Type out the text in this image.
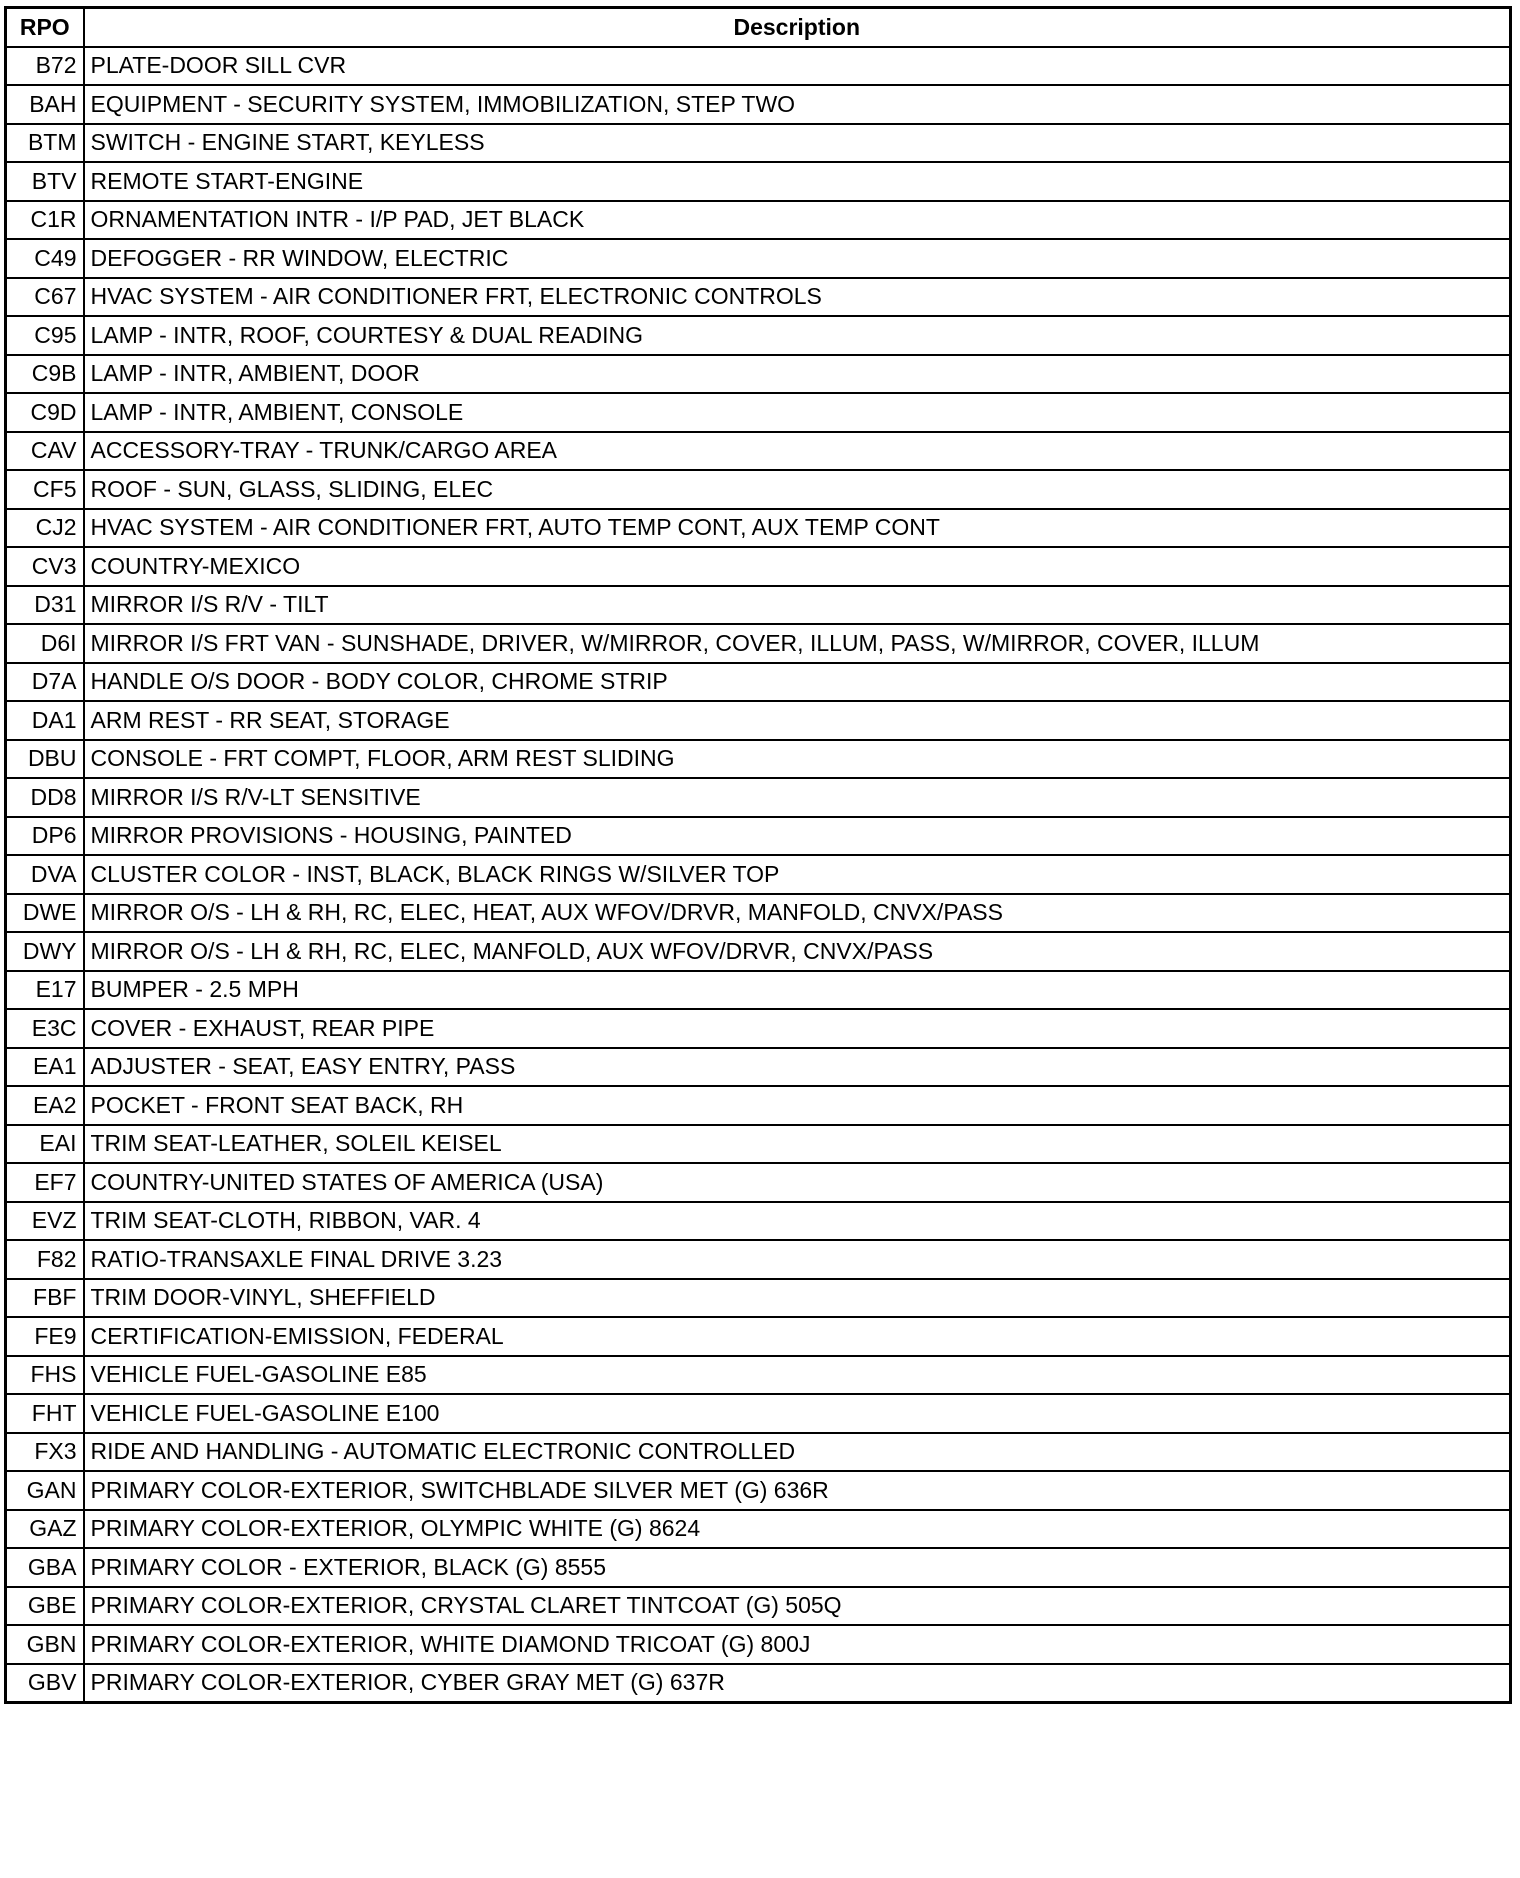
RPO	Description
B72	PLATE-DOOR SILL CVR
BAH	EQUIPMENT - SECURITY SYSTEM, IMMOBILIZATION, STEP TWO
BTM	SWITCH - ENGINE START, KEYLESS
BTV	REMOTE START-ENGINE
C1R	ORNAMENTATION INTR - I/P PAD, JET BLACK
C49	DEFOGGER - RR WINDOW, ELECTRIC
C67	HVAC SYSTEM - AIR CONDITIONER FRT, ELECTRONIC CONTROLS
C95	LAMP - INTR, ROOF, COURTESY & DUAL READING
C9B	LAMP - INTR, AMBIENT, DOOR
C9D	LAMP - INTR, AMBIENT, CONSOLE
CAV	ACCESSORY-TRAY - TRUNK/CARGO AREA
CF5	ROOF - SUN, GLASS, SLIDING, ELEC
CJ2	HVAC SYSTEM - AIR CONDITIONER FRT, AUTO TEMP CONT, AUX TEMP CONT
CV3	COUNTRY-MEXICO
D31	MIRROR I/S R/V - TILT
D6I	MIRROR I/S FRT VAN - SUNSHADE, DRIVER, W/MIRROR, COVER, ILLUM, PASS, W/MIRROR, COVER, ILLUM
D7A	HANDLE O/S DOOR - BODY COLOR, CHROME STRIP
DA1	ARM REST - RR SEAT, STORAGE
DBU	CONSOLE - FRT COMPT, FLOOR, ARM REST SLIDING
DD8	MIRROR I/S R/V-LT SENSITIVE
DP6	MIRROR PROVISIONS - HOUSING, PAINTED
DVA	CLUSTER COLOR - INST, BLACK, BLACK RINGS W/SILVER TOP
DWE	MIRROR O/S - LH & RH, RC, ELEC, HEAT, AUX WFOV/DRVR, MANFOLD, CNVX/PASS
DWY	MIRROR O/S - LH & RH, RC, ELEC, MANFOLD, AUX WFOV/DRVR, CNVX/PASS
E17	BUMPER - 2.5 MPH
E3C	COVER - EXHAUST, REAR PIPE
EA1	ADJUSTER - SEAT, EASY ENTRY, PASS
EA2	POCKET - FRONT SEAT BACK, RH
EAI	TRIM SEAT-LEATHER, SOLEIL KEISEL
EF7	COUNTRY-UNITED STATES OF AMERICA (USA)
EVZ	TRIM SEAT-CLOTH, RIBBON, VAR. 4
F82	RATIO-TRANSAXLE FINAL DRIVE 3.23
FBF	TRIM DOOR-VINYL, SHEFFIELD
FE9	CERTIFICATION-EMISSION, FEDERAL
FHS	VEHICLE FUEL-GASOLINE E85
FHT	VEHICLE FUEL-GASOLINE E100
FX3	RIDE AND HANDLING - AUTOMATIC ELECTRONIC CONTROLLED
GAN	PRIMARY COLOR-EXTERIOR, SWITCHBLADE SILVER MET (G) 636R
GAZ	PRIMARY COLOR-EXTERIOR, OLYMPIC WHITE (G) 8624
GBA	PRIMARY COLOR - EXTERIOR, BLACK (G) 8555
GBE	PRIMARY COLOR-EXTERIOR, CRYSTAL CLARET TINTCOAT (G) 505Q
GBN	PRIMARY COLOR-EXTERIOR, WHITE DIAMOND TRICOAT (G) 800J
GBV	PRIMARY COLOR-EXTERIOR, CYBER GRAY MET (G) 637R
